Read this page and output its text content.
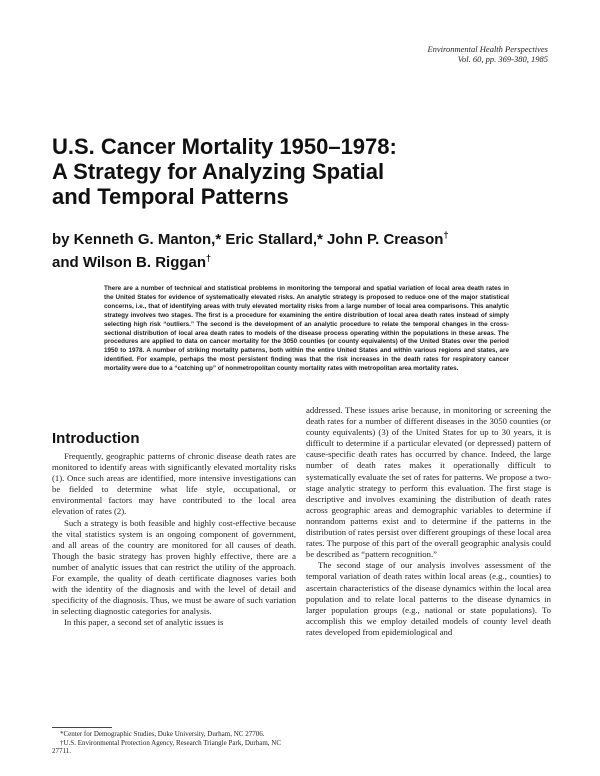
Environmental Health Perspectives
Vol. 60, pp. 369-380, 1985
U.S. Cancer Mortality 1950–1978:
A Strategy for Analyzing Spatial
and Temporal Patterns
by Kenneth G. Manton,* Eric Stallard,* John P. Creason†
and Wilson B. Riggan†
There are a number of technical and statistical problems in monitoring the temporal and spatial variation of local area death rates in the United States for evidence of systematically elevated risks. An analytic strategy is proposed to reduce one of the major statistical concerns, i.e., that of identifying areas with truly elevated mortality risks from a large number of local area comparisons. This analytic strategy involves two stages. The first is a procedure for examining the entire distribution of local area death rates instead of simply selecting high risk “outliers.” The second is the development of an analytic procedure to relate the temporal changes in the cross-sectional distribution of local area death rates to models of the disease process operating within the populations in these areas. The procedures are applied to data on cancer mortality for the 3050 counties (or county equivalents) of the United States over the period 1950 to 1978. A number of striking mortality patterns, both within the entire United States and within various regions and states, are identified. For example, perhaps the most persistent finding was that the risk increases in the death rates for respiratory cancer mortality were due to a “catching up” of nonmetropolitan county mortality rates with metropolitan area mortality rates.
Introduction

Frequently, geographic patterns of chronic disease death rates are monitored to identify areas with significantly elevated mortality risks (1). Once such areas are identified, more intensive investigations can be fielded to determine what life style, occupational, or environmental factors may have contributed to the local area elevation of rates (2).

Such a strategy is both feasible and highly cost-effective because the vital statistics system is an ongoing component of government, and all areas of the country are monitored for all causes of death. Though the basic strategy has proven highly effective, there are a number of analytic issues that can restrict the utility of the approach. For example, the quality of death certificate diagnoses varies both with the identity of the diagnosis and with the level of detail and specificity of the diagnosis. Thus, we must be aware of such variation in selecting diagnostic categories for analysis.

In this paper, a second set of analytic issues is

addressed. These issues arise because, in monitoring or screening the death rates for a number of different diseases in the 3050 counties (or county equivalents) (3) of the United States for up to 30 years, it is difficult to determine if a particular elevated (or depressed) pattern of cause-specific death rates has occurred by chance. Indeed, the large number of death rates makes it operationally difficult to systematically evaluate the set of rates for patterns. We propose a two-stage analytic strategy to perform this evaluation. The first stage is descriptive and involves examining the distribution of death rates across geographic areas and demographic variables to determine if nonrandom patterns exist and to determine if the patterns in the distribution of rates persist over different groupings of these local area rates. The purpose of this part of the overall geographic analysis could be described as “pattern recognition.”

The second stage of our analysis involves assessment of the temporal variation of death rates within local areas (e.g., counties) to ascertain characteristics of the disease dynamics within the local area population and to relate local patterns to the disease dynamics in larger population groups (e.g., national or state populations). To accomplish this we employ detailed models of county level death rates developed from epidemiological and

*Center for Demographic Studies, Duke University, Durham, NC 27706.

†U.S. Environmental Protection Agency, Research Triangle Park, Durham, NC 27711.
